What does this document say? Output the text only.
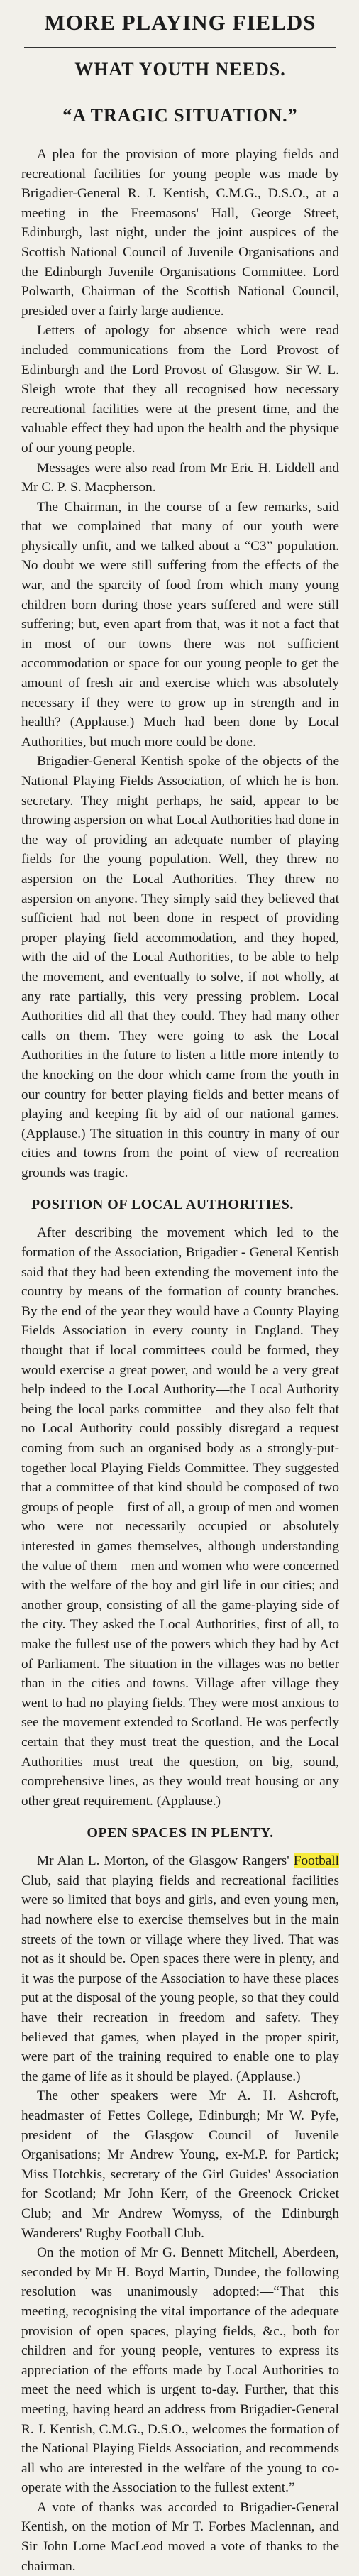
MORE PLAYING FIELDS
WHAT YOUTH NEEDS.
“A TRAGIC SITUATION.”

A plea for the provision of more playing fields and recreational facilities for young people was made by Brigadier-General R. J. Kentish, C.M.G., D.S.O., at a meeting in the Freemasons' Hall, George Street, Edinburgh, last night, under the joint auspices of the Scottish National Council of Juvenile Organisations and the Edinburgh Juvenile Organisations Committee. Lord Polwarth, Chairman of the Scottish National Council, presided over a fairly large audience.

Letters of apology for absence which were read included communications from the Lord Provost of Edinburgh and the Lord Provost of Glasgow. Sir W. L. Sleigh wrote that they all recognised how necessary recreational facilities were at the present time, and the valuable effect they had upon the health and the physique of our young people.

Messages were also read from Mr Eric H. Liddell and Mr C. P. S. Macpherson.

The Chairman, in the course of a few remarks, said that we complained that many of our youth were physically unfit, and we talked about a “C3” population. No doubt we were still suffering from the effects of the war, and the sparcity of food from which many young children born during those years suffered and were still suffering; but, even apart from that, was it not a fact that in most of our towns there was not sufficient accommodation or space for our young people to get the amount of fresh air and exercise which was absolutely necessary if they were to grow up in strength and in health? (Applause.) Much had been done by Local Authorities, but much more could be done.

Brigadier-General Kentish spoke of the objects of the National Playing Fields Association, of which he is hon. secretary. They might perhaps, he said, appear to be throwing aspersion on what Local Authorities had done in the way of providing an adequate number of playing fields for the young population. Well, they threw no aspersion on the Local Authorities. They threw no aspersion on anyone. They simply said they believed that sufficient had not been done in respect of providing proper playing field accommodation, and they hoped, with the aid of the Local Authorities, to be able to help the movement, and eventually to solve, if not wholly, at any rate partially, this very pressing problem. Local Authorities did all that they could. They had many other calls on them. They were going to ask the Local Authorities in the future to listen a little more intently to the knocking on the door which came from the youth in our country for better playing fields and better means of playing and keeping fit by aid of our national games. (Applause.) The situation in this country in many of our cities and towns from the point of view of recreation grounds was tragic.

POSITION OF LOCAL AUTHORITIES.

After describing the movement which led to the formation of the Association, Brigadier - General Kentish said that they had been extending the movement into the country by means of the formation of county branches. By the end of the year they would have a County Playing Fields Association in every county in England. They thought that if local committees could be formed, they would exercise a great power, and would be a very great help indeed to the Local Authority—the Local Authority being the local parks committee—and they also felt that no Local Authority could possibly disregard a request coming from such an organised body as a strongly-put-together local Playing Fields Committee. They suggested that a committee of that kind should be composed of two groups of people—first of all, a group of men and women who were not necessarily occupied or absolutely interested in games themselves, although understanding the value of them—men and women who were concerned with the welfare of the boy and girl life in our cities; and another group, consisting of all the game-playing side of the city. They asked the Local Authorities, first of all, to make the fullest use of the powers which they had by Act of Parliament. The situation in the villages was no better than in the cities and towns. Village after village they went to had no playing fields. They were most anxious to see the movement extended to Scotland. He was perfectly certain that they must treat the question, and the Local Authorities must treat the question, on big, sound, comprehensive lines, as they would treat housing or any other great requirement. (Applause.)

OPEN SPACES IN PLENTY.

Mr Alan L. Morton, of the Glasgow Rangers' Football Club, said that playing fields and recreational facilities were so limited that boys and girls, and even young men, had nowhere else to exercise themselves but in the main streets of the town or village where they lived. That was not as it should be. Open spaces there were in plenty, and it was the purpose of the Association to have these places put at the disposal of the young people, so that they could have their recreation in freedom and safety. They believed that games, when played in the proper spirit, were part of the training required to enable one to play the game of life as it should be played. (Applause.)

The other speakers were Mr A. H. Ashcroft, headmaster of Fettes College, Edinburgh; Mr W. Pyfe, president of the Glasgow Council of Juvenile Organisations; Mr Andrew Young, ex-M.P. for Partick; Miss Hotchkis, secretary of the Girl Guides' Association for Scotland; Mr John Kerr, of the Greenock Cricket Club; and Mr Andrew Womyss, of the Edinburgh Wanderers' Rugby Football Club.

On the motion of Mr G. Bennett Mitchell, Aberdeen, seconded by Mr H. Boyd Martin, Dundee, the following resolution was unanimously adopted:—“That this meeting, recognising the vital importance of the adequate provision of open spaces, playing fields, &c., both for children and for young people, ventures to express its appreciation of the efforts made by Local Authorities to meet the need which is urgent to-day. Further, that this meeting, having heard an address from Brigadier-General R. J. Kentish, C.M.G., D.S.O., welcomes the formation of the National Playing Fields Association, and recommends all who are interested in the welfare of the young to co-operate with the Association to the fullest extent.”

A vote of thanks was accorded to Brigadier-General Kentish, on the motion of Mr T. Forbes Maclennan, and Sir John Lorne MacLeod moved a vote of thanks to the chairman.
